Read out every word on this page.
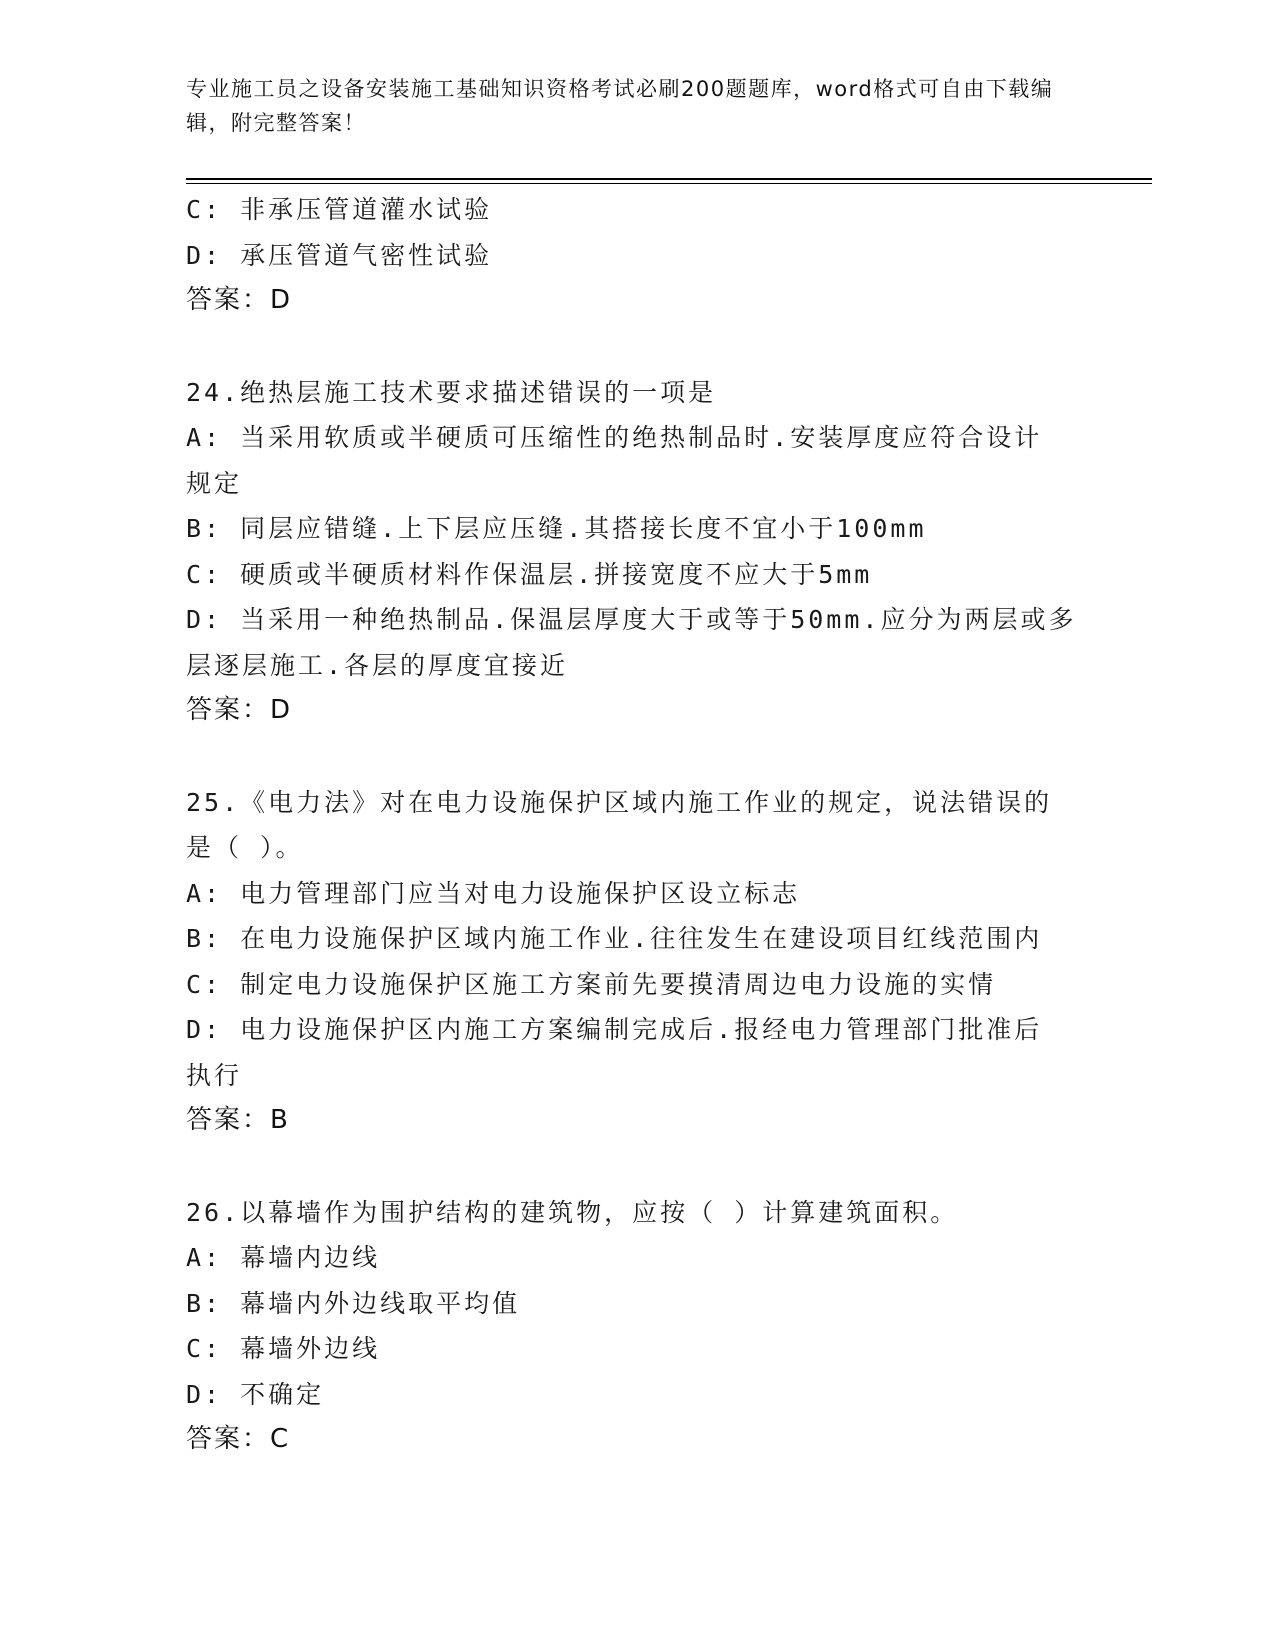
专业施工员之设备安装施工基础知识资格考试必刷200题题库，word格式可自由下载编辑，附完整答案！
C: 非承压管道灌水试验
D: 承压管道气密性试验
答案：D
24.绝热层施工技术要求描述错误的一项是
A: 当采用软质或半硬质可压缩性的绝热制品时.安装厚度应符合设计
规定
B: 同层应错缝.上下层应压缝.其搭接长度不宜小于100mm
C: 硬质或半硬质材料作保温层.拼接宽度不应大于5mm
D: 当采用一种绝热制品.保温层厚度大于或等于50mm.应分为两层或多
层逐层施工.各层的厚度宜接近
答案：D
25.《电力法》对在电力设施保护区域内施工作业的规定，说法错误的
是（ ）。
A: 电力管理部门应当对电力设施保护区设立标志
B: 在电力设施保护区域内施工作业.往往发生在建设项目红线范围内
C: 制定电力设施保护区施工方案前先要摸清周边电力设施的实情
D: 电力设施保护区内施工方案编制完成后.报经电力管理部门批准后
执行
答案：B
26.以幕墙作为围护结构的建筑物，应按（ ）计算建筑面积。
A: 幕墙内边线
B: 幕墙内外边线取平均值
C: 幕墙外边线
D: 不确定
答案：C
